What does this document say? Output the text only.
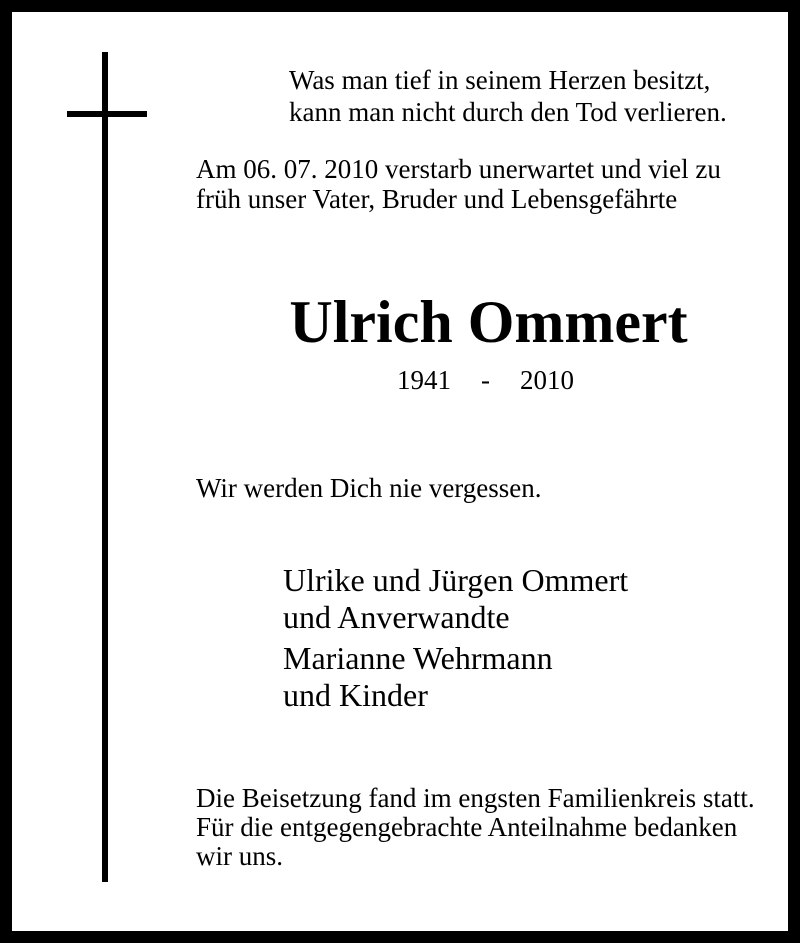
Was man tief in seinem Herzen besitzt,
kann man nicht durch den Tod verlieren.
Am 06. 07. 2010 verstarb unerwartet und viel zu
früh unser Vater, Bruder und Lebensgefährte
Ulrich Ommert
1941 - 2010
Wir werden Dich nie vergessen.
Ulrike und Jürgen Ommert
und Anverwandte
Marianne Wehrmann
und Kinder
Die Beisetzung fand im engsten Familienkreis statt.
Für die entgegengebrachte Anteilnahme bedanken
wir uns.
